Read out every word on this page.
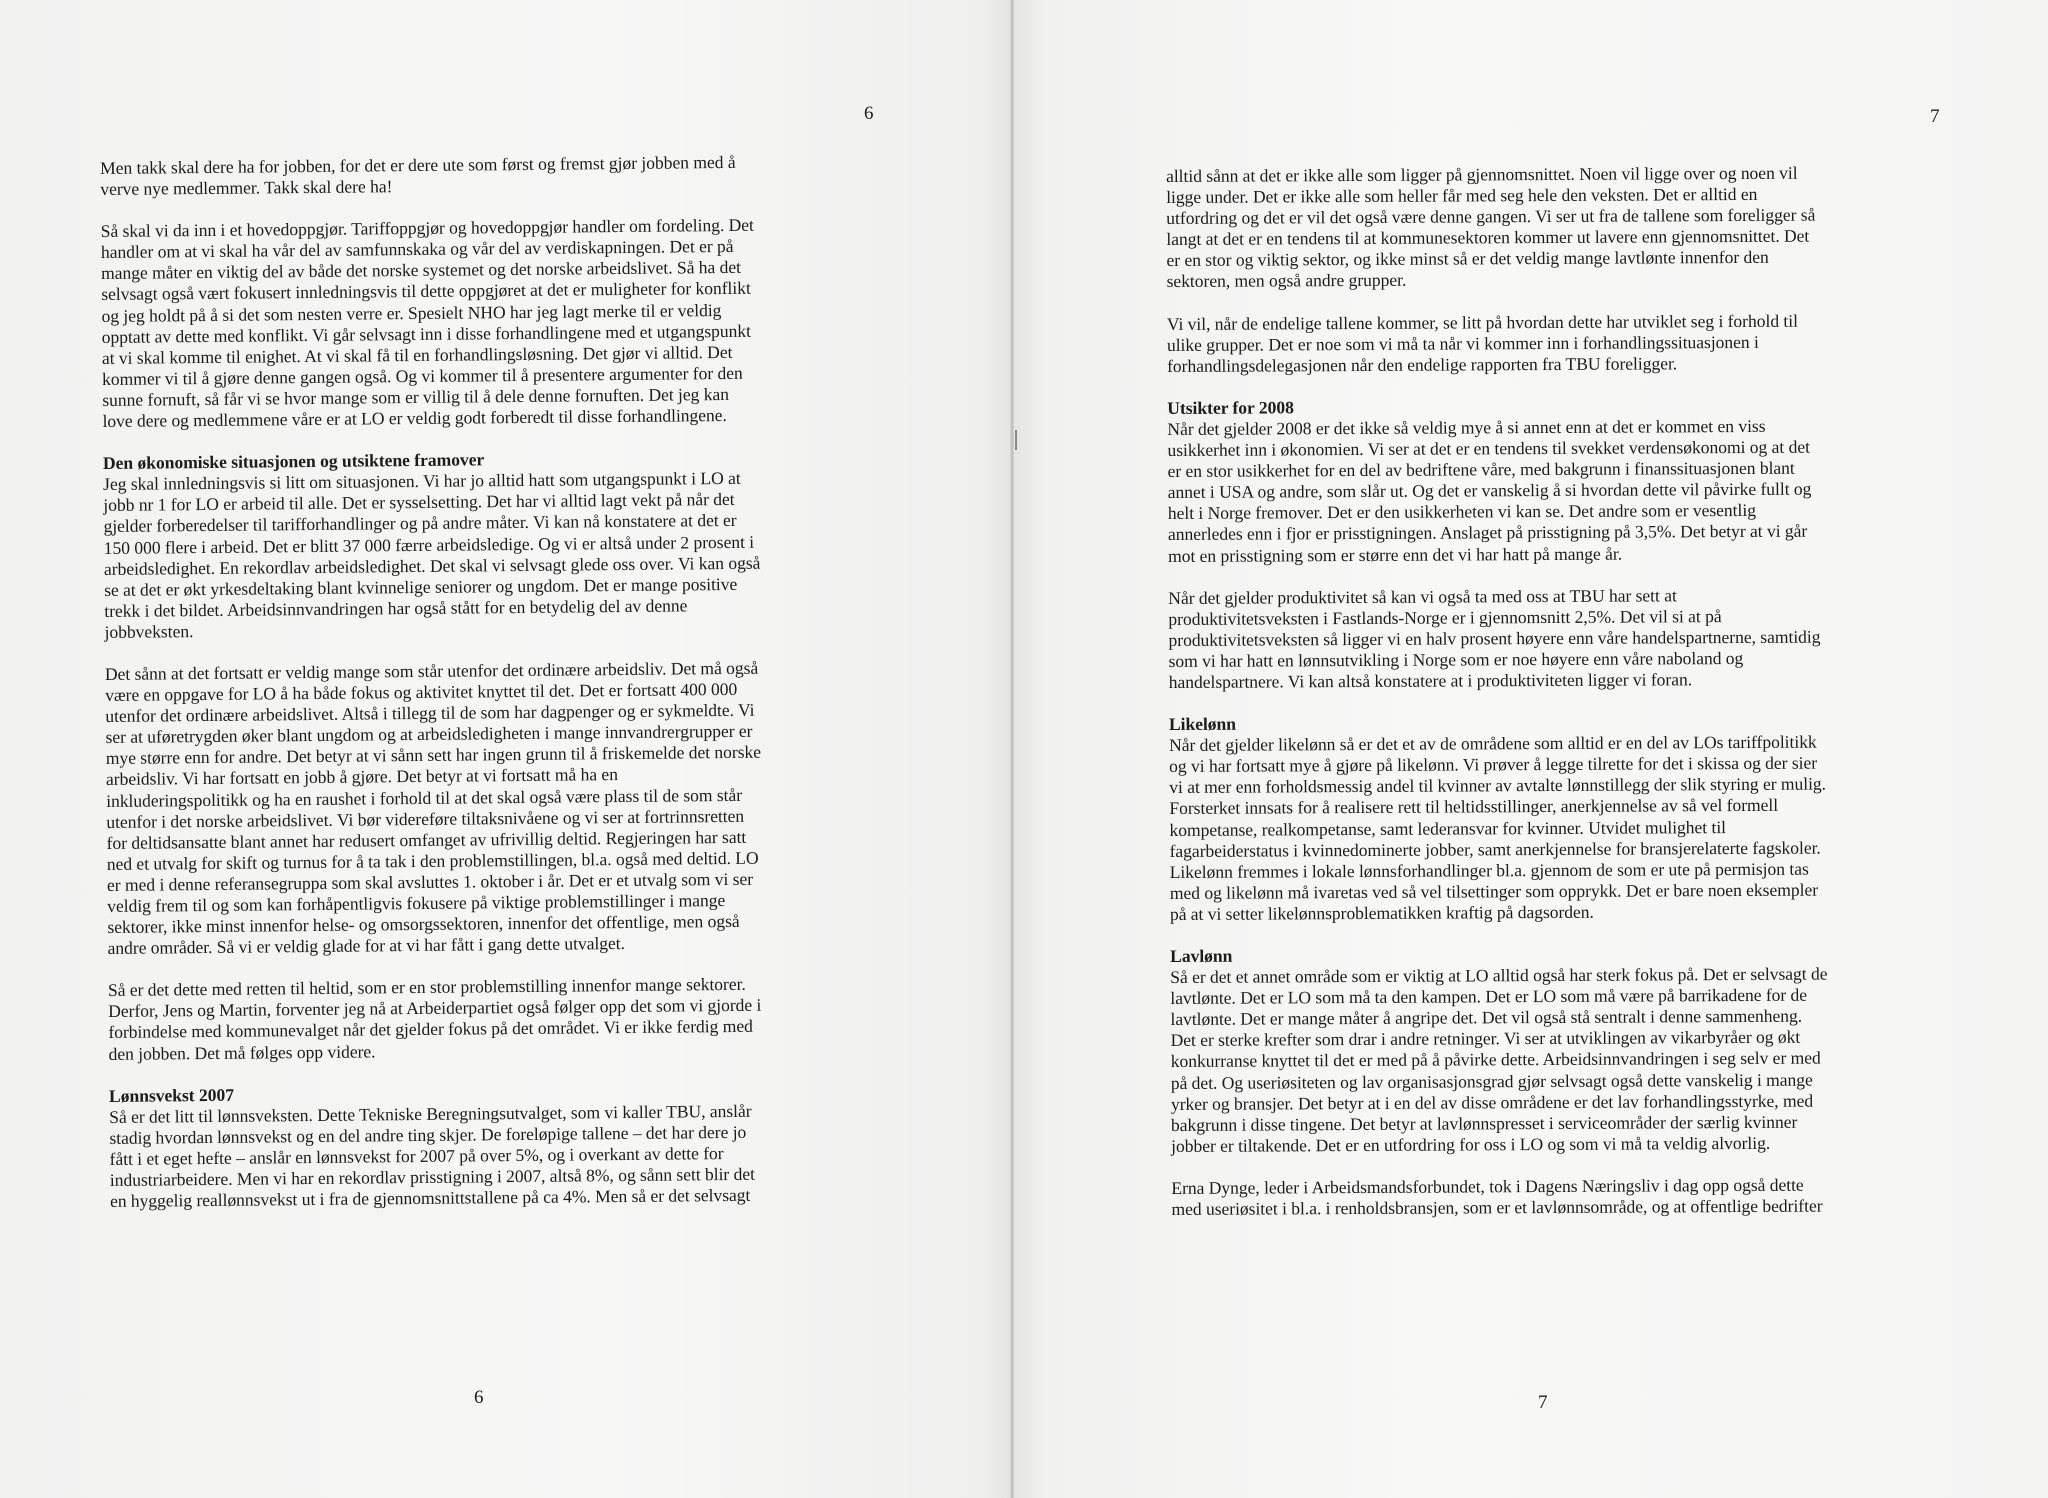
6

Men takk skal dere ha for jobben, for det er dere ute som først og fremst gjør jobben med å
verve nye medlemmer. Takk skal dere ha!

Så skal vi da inn i et hovedoppgjør. Tariffoppgjør og hovedoppgjør handler om fordeling. Det
handler om at vi skal ha vår del av samfunnskaka og vår del av verdiskapningen. Det er på
mange måter en viktig del av både det norske systemet og det norske arbeidslivet. Så ha det
selvsagt også vært fokusert innledningsvis til dette oppgjøret at det er muligheter for konflikt
og jeg holdt på å si det som nesten verre er. Spesielt NHO har jeg lagt merke til er veldig
opptatt av dette med konflikt. Vi går selvsagt inn i disse forhandlingene med et utgangspunkt
at vi skal komme til enighet. At vi skal få til en forhandlingsløsning. Det gjør vi alltid. Det
kommer vi til å gjøre denne gangen også. Og vi kommer til å presentere argumenter for den
sunne fornuft, så får vi se hvor mange som er villig til å dele denne fornuften. Det jeg kan
love dere og medlemmene våre er at LO er veldig godt forberedt til disse forhandlingene.

Den økonomiske situasjonen og utsiktene framover

Jeg skal innledningsvis si litt om situasjonen. Vi har jo alltid hatt som utgangspunkt i LO at
jobb nr 1 for LO er arbeid til alle. Det er sysselsetting. Det har vi alltid lagt vekt på når det
gjelder forberedelser til tarifforhandlinger og på andre måter. Vi kan nå konstatere at det er
150 000 flere i arbeid. Det er blitt 37 000 færre arbeidsledige. Og vi er altså under 2 prosent i
arbeidsledighet. En rekordlav arbeidsledighet. Det skal vi selvsagt glede oss over. Vi kan også
se at det er økt yrkesdeltaking blant kvinnelige seniorer og ungdom. Det er mange positive
trekk i det bildet. Arbeidsinnvandringen har også stått for en betydelig del av denne
jobbveksten.

Det sånn at det fortsatt er veldig mange som står utenfor det ordinære arbeidsliv. Det må også
være en oppgave for LO å ha både fokus og aktivitet knyttet til det. Det er fortsatt 400 000
utenfor det ordinære arbeidslivet. Altså i tillegg til de som har dagpenger og er sykmeldte. Vi
ser at uføretrygden øker blant ungdom og at arbeidsledigheten i mange innvandrergrupper er
mye større enn for andre. Det betyr at vi sånn sett har ingen grunn til å friskemelde det norske
arbeidsliv. Vi har fortsatt en jobb å gjøre. Det betyr at vi fortsatt må ha en
inkluderingspolitikk og ha en raushet i forhold til at det skal også være plass til de som står
utenfor i det norske arbeidslivet. Vi bør videreføre tiltaksnivåene og vi ser at fortrinnsretten
for deltidsansatte blant annet har redusert omfanget av ufrivillig deltid. Regjeringen har satt
ned et utvalg for skift og turnus for å ta tak i den problemstillingen, bl.a. også med deltid. LO
er med i denne referansegruppa som skal avsluttes 1. oktober i år. Det er et utvalg som vi ser
veldig frem til og som kan forhåpentligvis fokusere på viktige problemstillinger i mange
sektorer, ikke minst innenfor helse- og omsorgssektoren, innenfor det offentlige, men også
andre områder. Så vi er veldig glade for at vi har fått i gang dette utvalget.

Så er det dette med retten til heltid, som er en stor problemstilling innenfor mange sektorer.
Derfor, Jens og Martin, forventer jeg nå at Arbeiderpartiet også følger opp det som vi gjorde i
forbindelse med kommunevalget når det gjelder fokus på det området. Vi er ikke ferdig med
den jobben. Det må følges opp videre.

Lønnsvekst 2007

Så er det litt til lønnsveksten. Dette Tekniske Beregningsutvalget, som vi kaller TBU, anslår
stadig hvordan lønnsvekst og en del andre ting skjer. De foreløpige tallene – det har dere jo
fått i et eget hefte – anslår en lønnsvekst for 2007 på over 5%, og i overkant av dette for
industriarbeidere. Men vi har en rekordlav prisstigning i 2007, altså 8%, og sånn sett blir det
en hyggelig reallønnsvekst ut i fra de gjennomsnittstallene på ca 4%. Men så er det selvsagt

6
7
7

alltid sånn at det er ikke alle som ligger på gjennomsnittet. Noen vil ligge over og noen vil
ligge under. Det er ikke alle som heller får med seg hele den veksten. Det er alltid en
utfordring og det er vil det også være denne gangen. Vi ser ut fra de tallene som foreligger så
langt at det er en tendens til at kommunesektoren kommer ut lavere enn gjennomsnittet. Det
er en stor og viktig sektor, og ikke minst så er det veldig mange lavtlønte innenfor den
sektoren, men også andre grupper.

Vi vil, når de endelige tallene kommer, se litt på hvordan dette har utviklet seg i forhold til
ulike grupper. Det er noe som vi må ta når vi kommer inn i forhandlingssituasjonen i
forhandlingsdelegasjonen når den endelige rapporten fra TBU foreligger.

Utsikter for 2008

Når det gjelder 2008 er det ikke så veldig mye å si annet enn at det er kommet en viss
usikkerhet inn i økonomien. Vi ser at det er en tendens til svekket verdensøkonomi og at det
er en stor usikkerhet for en del av bedriftene våre, med bakgrunn i finanssituasjonen blant
annet i USA og andre, som slår ut. Og det er vanskelig å si hvordan dette vil påvirke fullt og
helt i Norge fremover. Det er den usikkerheten vi kan se. Det andre som er vesentlig
annerledes enn i fjor er prisstigningen. Anslaget på prisstigning på 3,5%. Det betyr at vi går
mot en prisstigning som er større enn det vi har hatt på mange år.

Når det gjelder produktivitet så kan vi også ta med oss at TBU har sett at
produktivitetsveksten i Fastlands-Norge er i gjennomsnitt 2,5%. Det vil si at på
produktivitetsveksten så ligger vi en halv prosent høyere enn våre handelspartnerne, samtidig
som vi har hatt en lønnsutvikling i Norge som er noe høyere enn våre naboland og
handelspartnere. Vi kan altså konstatere at i produktiviteten ligger vi foran.

Likelønn

Når det gjelder likelønn så er det et av de områdene som alltid er en del av LOs tariffpolitikk
og vi har fortsatt mye å gjøre på likelønn. Vi prøver å legge tilrette for det i skissa og der sier
vi at mer enn forholdsmessig andel til kvinner av avtalte lønnstillegg der slik styring er mulig.
Forsterket innsats for å realisere rett til heltidsstillinger, anerkjennelse av så vel formell
kompetanse, realkompetanse, samt lederansvar for kvinner. Utvidet mulighet til
fagarbeiderstatus i kvinnedominerte jobber, samt anerkjennelse for bransjerelaterte fagskoler.
Likelønn fremmes i lokale lønnsforhandlinger bl.a. gjennom de som er ute på permisjon tas
med og likelønn må ivaretas ved så vel tilsettinger som opprykk. Det er bare noen eksempler
på at vi setter likelønnsproblematikken kraftig på dagsorden.

Lavlønn

Så er det et annet område som er viktig at LO alltid også har sterk fokus på. Det er selvsagt de
lavtlønte. Det er LO som må ta den kampen. Det er LO som må være på barrikadene for de
lavtlønte. Det er mange måter å angripe det. Det vil også stå sentralt i denne sammenheng.
Det er sterke krefter som drar i andre retninger. Vi ser at utviklingen av vikarbyråer og økt
konkurranse knyttet til det er med på å påvirke dette. Arbeidsinnvandringen i seg selv er med
på det. Og useriøsiteten og lav organisasjonsgrad gjør selvsagt også dette vanskelig i mange
yrker og bransjer. Det betyr at i en del av disse områdene er det lav forhandlingsstyrke, med
bakgrunn i disse tingene. Det betyr at lavlønnspresset i serviceområder der særlig kvinner
jobber er tiltakende. Det er en utfordring for oss i LO og som vi må ta veldig alvorlig.

Erna Dynge, leder i Arbeidsmandsforbundet, tok i Dagens Næringsliv i dag opp også dette
med useriøsitet i bl.a. i renholdsbransjen, som er et lavlønnsområde, og at offentlige bedrifter
